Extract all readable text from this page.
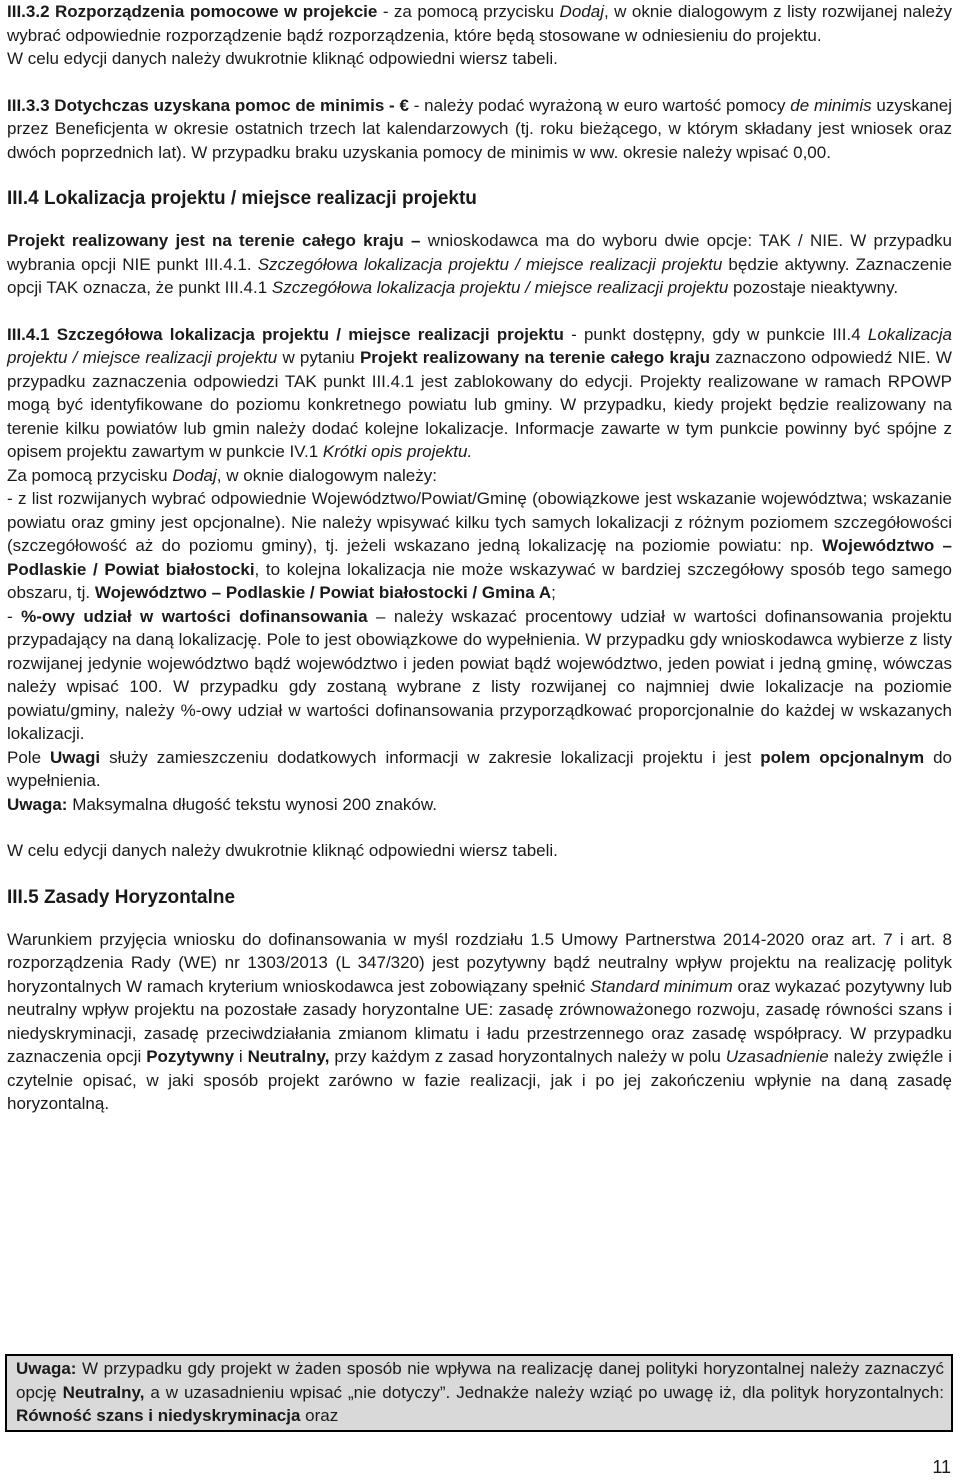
III.3.2 Rozporządzenia pomocowe w projekcie - za pomocą przycisku Dodaj, w oknie dialogowym z listy rozwijanej należy wybrać odpowiednie rozporządzenie bądź rozporządzenia, które będą stosowane w odniesieniu do projektu.

W celu edycji danych należy dwukrotnie kliknąć odpowiedni wiersz tabeli.

III.3.3 Dotychczas uzyskana pomoc de minimis - € - należy podać wyrażoną w euro wartość pomocy de minimis uzyskanej przez Beneficjenta w okresie ostatnich trzech lat kalendarzowych (tj. roku bieżącego, w którym składany jest wniosek oraz dwóch poprzednich lat). W przypadku braku uzyskania pomocy de minimis w ww. okresie należy wpisać 0,00.

III.4 Lokalizacja projektu / miejsce realizacji projektu

Projekt realizowany jest na terenie całego kraju – wnioskodawca ma do wyboru dwie opcje: TAK / NIE. W przypadku wybrania opcji NIE punkt III.4.1. Szczegółowa lokalizacja projektu / miejsce realizacji projektu będzie aktywny. Zaznaczenie opcji TAK oznacza, że punkt III.4.1 Szczegółowa lokalizacja projektu / miejsce realizacji projektu pozostaje nieaktywny.

III.4.1 Szczegółowa lokalizacja projektu / miejsce realizacji projektu - punkt dostępny, gdy w punkcie III.4 Lokalizacja projektu / miejsce realizacji projektu w pytaniu Projekt realizowany na terenie całego kraju zaznaczono odpowiedź NIE. W przypadku zaznaczenia odpowiedzi TAK punkt III.4.1 jest zablokowany do edycji. Projekty realizowane w ramach RPOWP mogą być identyfikowane do poziomu konkretnego powiatu lub gminy. W przypadku, kiedy projekt będzie realizowany na terenie kilku powiatów lub gmin należy dodać kolejne lokalizacje. Informacje zawarte w tym punkcie powinny być spójne z opisem projektu zawartym w punkcie IV.1 Krótki opis projektu.

Za pomocą przycisku Dodaj, w oknie dialogowym należy:

- z list rozwijanych wybrać odpowiednie Województwo/Powiat/Gminę (obowiązkowe jest wskazanie województwa; wskazanie powiatu oraz gminy jest opcjonalne). Nie należy wpisywać kilku tych samych lokalizacji z różnym poziomem szczegółowości (szczegółowość aż do poziomu gminy), tj. jeżeli wskazano jedną lokalizację na poziomie powiatu: np. Województwo – Podlaskie / Powiat białostocki, to kolejna lokalizacja nie może wskazywać w bardziej szczegółowy sposób tego samego obszaru, tj. Województwo – Podlaskie / Powiat białostocki / Gmina A;

- %-owy udział w wartości dofinansowania – należy wskazać procentowy udział w wartości dofinansowania projektu przypadający na daną lokalizację. Pole to jest obowiązkowe do wypełnienia. W przypadku gdy wnioskodawca wybierze z listy rozwijanej jedynie województwo bądź województwo i jeden powiat bądź województwo, jeden powiat i jedną gminę, wówczas należy wpisać 100. W przypadku gdy zostaną wybrane z listy rozwijanej co najmniej dwie lokalizacje na poziomie powiatu/gminy, należy %-owy udział w wartości dofinansowania przyporządkować proporcjonalnie do każdej w wskazanych lokalizacji.

Pole Uwagi służy zamieszczeniu dodatkowych informacji w zakresie lokalizacji projektu i jest polem opcjonalnym do wypełnienia.

Uwaga: Maksymalna długość tekstu wynosi 200 znaków.

W celu edycji danych należy dwukrotnie kliknąć odpowiedni wiersz tabeli.

III.5 Zasady Horyzontalne

Warunkiem przyjęcia wniosku do dofinansowania w myśl rozdziału 1.5 Umowy Partnerstwa 2014-2020 oraz art. 7 i art. 8 rozporządzenia Rady (WE) nr 1303/2013 (L 347/320) jest pozytywny bądź neutralny wpływ projektu na realizację polityk horyzontalnych W ramach kryterium wnioskodawca jest zobowiązany spełnić Standard minimum oraz wykazać pozytywny lub neutralny wpływ projektu na pozostałe zasady horyzontalne UE: zasadę zrównoważonego rozwoju, zasadę równości szans i niedyskryminacji, zasadę przeciwdziałania zmianom klimatu i ładu przestrzennego oraz zasadę współpracy. W przypadku zaznaczenia opcji Pozytywny i Neutralny, przy każdym z zasad horyzontalnych należy w polu Uzasadnienie należy zwięźle i czytelnie opisać, w jaki sposób projekt zarówno w fazie realizacji, jak i po jej zakończeniu wpłynie na daną zasadę horyzontalną.

Uwaga: W przypadku gdy projekt w żaden sposób nie wpływa na realizację danej polityki horyzontalnej należy zaznaczyć opcję Neutralny, a w uzasadnieniu wpisać „nie dotyczy”. Jednakże należy wziąć po uwagę iż, dla polityk horyzontalnych: Równość szans i niedyskryminacja oraz

11
